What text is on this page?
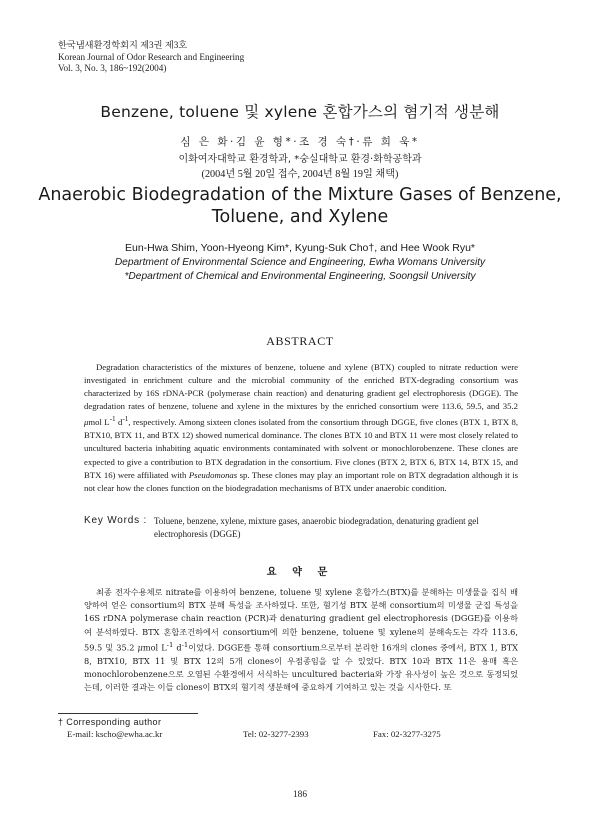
한국냄새환경학회지 제3권 제3호
Korean Journal of Odor Research and Engineering
Vol. 3, No. 3, 186~192(2004)
Benzene, toluene 및 xylene 혼합가스의 혐기적 생분해
심 은 화·김 윤 형*·조 경 숙†·류 희 욱*
이화여자대학교 환경학과, *숭실대학교 환경·화학공학과
(2004년 5월 20일 접수, 2004년 8월 19일 채택)
Anaerobic Biodegradation of the Mixture Gases of Benzene,
Toluene, and Xylene
Eun-Hwa Shim, Yoon-Hyeong Kim*, Kyung-Suk Cho†, and Hee Wook Ryu*
Department of Environmental Science and Engineering, Ewha Womans University
*Department of Chemical and Environmental Engineering, Soongsil University
ABSTRACT
Degradation characteristics of the mixtures of benzene, toluene and xylene (BTX) coupled to nitrate reduction were investigated in enrichment culture and the microbial community of the enriched BTX-degrading consortium was characterized by 16S rDNA-PCR (polymerase chain reaction) and denaturing gradient gel electrophoresis (DGGE). The degradation rates of benzene, toluene and xylene in the mixtures by the enriched consortium were 113.6, 59.5, and 35.2 μmol $L^{-1}$ $d^{-1}$, respectively. Among sixteen clones isolated from the consortium through DGGE, five clones (BTX 1, BTX 8, BTX10, BTX 11, and BTX 12) showed numerical dominance. The clones BTX 10 and BTX 11 were most closely related to uncultured bacteria inhabiting aquatic environments contaminated with solvent or monochlorobenzene. These clones are expected to give a contribution to BTX degradation in the consortium. Five clones (BTX 2, BTX 6, BTX 14, BTX 15, and BTX 16) were affiliated with Pseudomonas sp. These clones may play an important role on BTX degradation although it is not clear how the clones function on the biodegradation mechanisms of BTX under anaerobic condition.
Key Words : Toluene, benzene, xylene, mixture gases, anaerobic biodegradation, denaturing gradient gel electrophoresis (DGGE)
요 약 문
최종 전자수용체로 nitrate를 이용하여 benzene, toluene 및 xylene 혼합가스(BTX)를 분해하는 미생물을 집식 배양하여 얻은 consortium의 BTX 분해 특성을 조사하였다. 또한, 혐기성 BTX 분해 consortium의 미생물 군집 특성을 16S rDNA polymerase chain reaction (PCR)과 denaturing gradient gel electrophoresis (DGGE)를 이용하여 분석하였다. BTX 혼합조건하에서 consortium에 의한 benzene, toluene 및 xylene의 분해속도는 각각 113.6, 59.5 및 35.2 μmol $L^{-1}$ $d^{-1}$이었다. DGGE를 통해 consortium으로부터 분리한 16개의 clones 중에서, BTX 1, BTX 8, BTX10, BTX 11 및 BTX 12의 5개 clones이 우점종임을 알 수 있었다. BTX 10과 BTX 11은 용매 혹은 monochlorobenzene으로 오염된 수환경에서 서식하는 uncultured bacteria와 가장 유사성이 높은 것으로 동정되었는데, 이러한 결과는 이들 clones이 BTX의 혐기적 생분해에 중요하게 기여하고 있는 것을 시사한다. 또
† Corresponding author
E-mail: kscho@ewha.ac.kr	Tel: 02-3277-2393	Fax: 02-3277-3275
186
